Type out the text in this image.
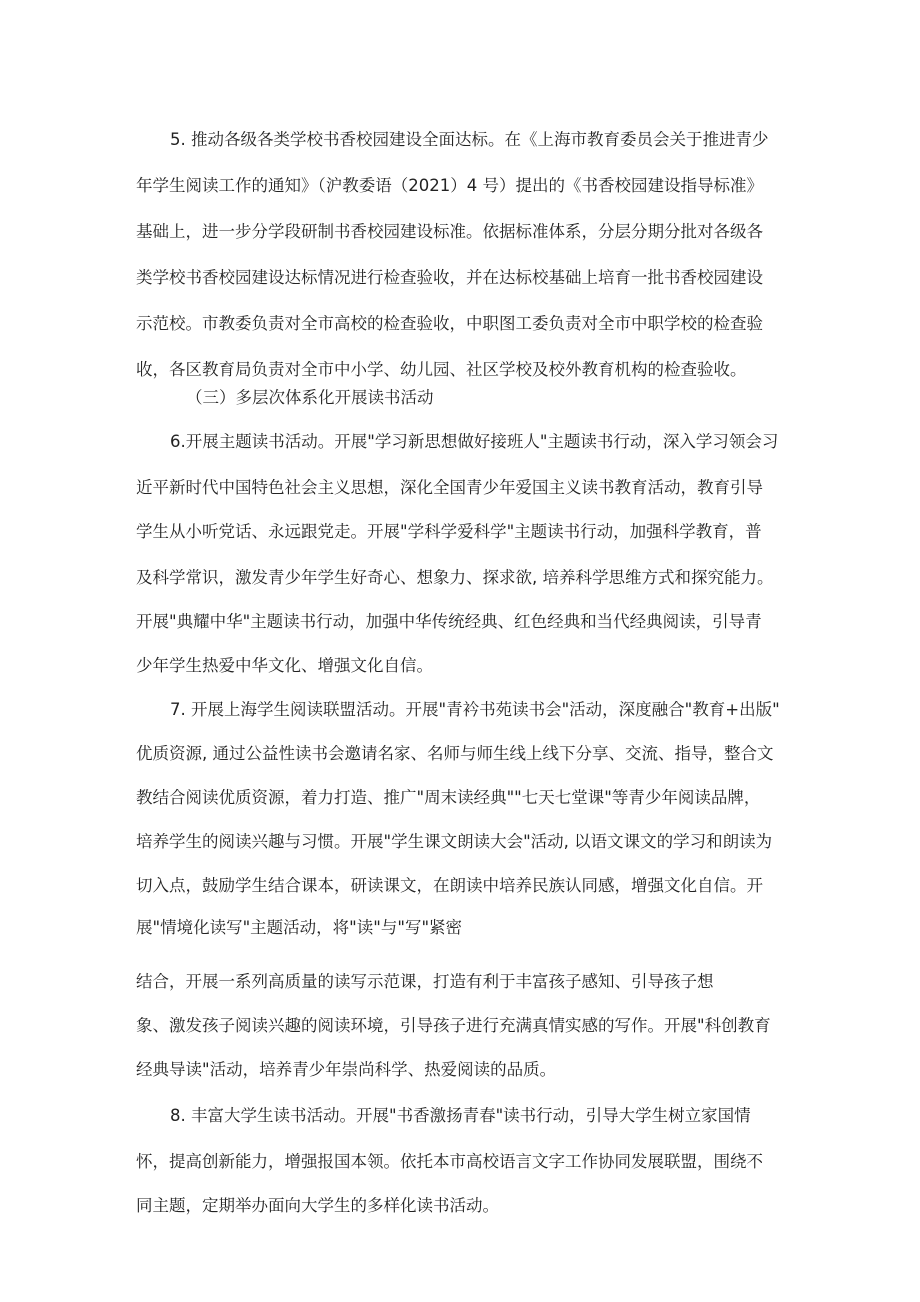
5. 推动各级各类学校书香校园建设全面达标。在《上海市教育委员会关于推进青少
年学生阅读工作的通知》（沪教委语（2021）4 号）提出的《书香校园建设指导标准》
基础上，进一步分学段研制书香校园建设标准。依据标准体系，分层分期分批对各级各
类学校书香校园建设达标情况进行检查验收，并在达标校基础上培育一批书香校园建设
示范校。市教委负责对全市高校的检查验收，中职图工委负责对全市中职学校的检查验
收，各区教育局负责对全市中小学、幼儿园、社区学校及校外教育机构的检查验收。
（三）多层次体系化开展读书活动
6.开展主题读书活动。开展"学习新思想做好接班人"主题读书行动，深入学习领会习
近平新时代中国特色社会主义思想，深化全国青少年爱国主义读书教育活动，教育引导
学生从小听党话、永远跟党走。开展"学科学爱科学"主题读书行动，加强科学教育，普
及科学常识，激发青少年学生好奇心、想象力、探求欲, 培养科学思维方式和探究能力。
开展"典耀中华"主题读书行动，加强中华传统经典、红色经典和当代经典阅读，引导青
少年学生热爱中华文化、增强文化自信。
7. 开展上海学生阅读联盟活动。开展"青衿书苑读书会"活动，深度融合"教育+出版"
优质资源, 通过公益性读书会邀请名家、名师与师生线上线下分享、交流、指导，整合文
教结合阅读优质资源，着力打造、推广"周末读经典""七天七堂课"等青少年阅读品牌，
培养学生的阅读兴趣与习惯。开展"学生课文朗读大会"活动, 以语文课文的学习和朗读为
切入点，鼓励学生结合课本，研读课文，在朗读中培养民族认同感，增强文化自信。开
展"情境化读写"主题活动，将"读"与"写"紧密
结合，开展一系列高质量的读写示范课，打造有利于丰富孩子感知、引导孩子想
象、激发孩子阅读兴趣的阅读环境，引导孩子进行充满真情实感的写作。开展"科创教育
经典导读"活动，培养青少年崇尚科学、热爱阅读的品质。
8. 丰富大学生读书活动。开展"书香激扬青春"读书行动，引导大学生树立家国情
怀，提高创新能力，增强报国本领。依托本市高校语言文字工作协同发展联盟，围绕不
同主题，定期举办面向大学生的多样化读书活动。
